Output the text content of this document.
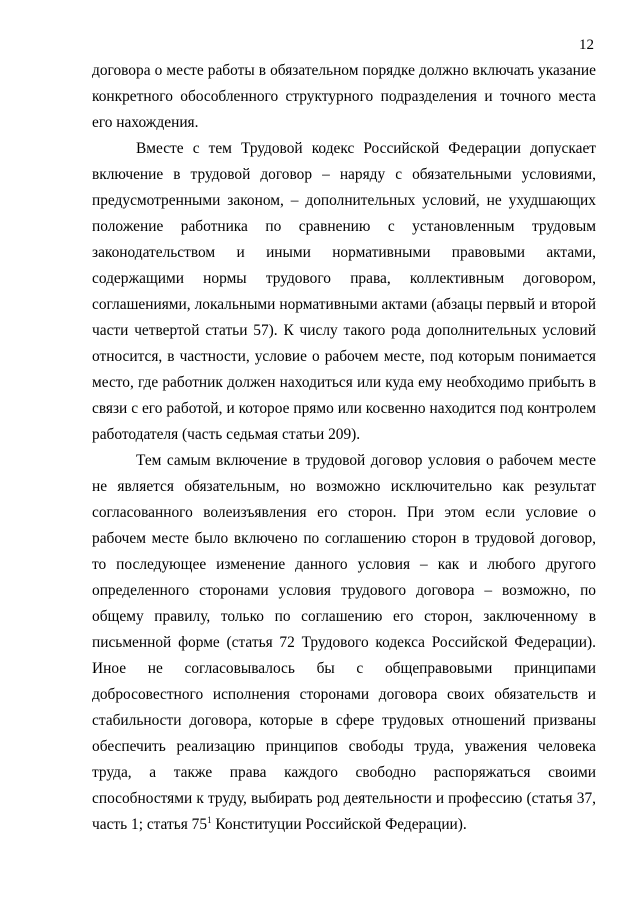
12

договора о месте работы в обязательном порядке должно включать указание конкретного обособленного структурного подразделения и точного места его нахождения.

Вместе с тем Трудовой кодекс Российской Федерации допускает включение в трудовой договор – наряду с обязательными условиями, предусмотренными законом, – дополнительных условий, не ухудшающих положение работника по сравнению с установленным трудовым законодательством и иными нормативными правовыми актами, содержащими нормы трудового права, коллективным договором, соглашениями, локальными нормативными актами (абзацы первый и второй части четвертой статьи 57). К числу такого рода дополнительных условий относится, в частности, условие о рабочем месте, под которым понимается место, где работник должен находиться или куда ему необходимо прибыть в связи с его работой, и которое прямо или косвенно находится под контролем работодателя (часть седьмая статьи 209).

Тем самым включение в трудовой договор условия о рабочем месте не является обязательным, но возможно исключительно как результат согласованного волеизъявления его сторон. При этом если условие о рабочем месте было включено по соглашению сторон в трудовой договор, то последующее изменение данного условия – как и любого другого определенного сторонами условия трудового договора – возможно, по общему правилу, только по соглашению его сторон, заключенному в письменной форме (статья 72 Трудового кодекса Российской Федерации). Иное не согласовывалось бы с общеправовыми принципами добросовестного исполнения сторонами договора своих обязательств и стабильности договора, которые в сфере трудовых отношений призваны обеспечить реализацию принципов свободы труда, уважения человека труда, а также права каждого свободно распоряжаться своими способностями к труду, выбирать род деятельности и профессию (статья 37, часть 1; статья $75^1$ Конституции Российской Федерации).
